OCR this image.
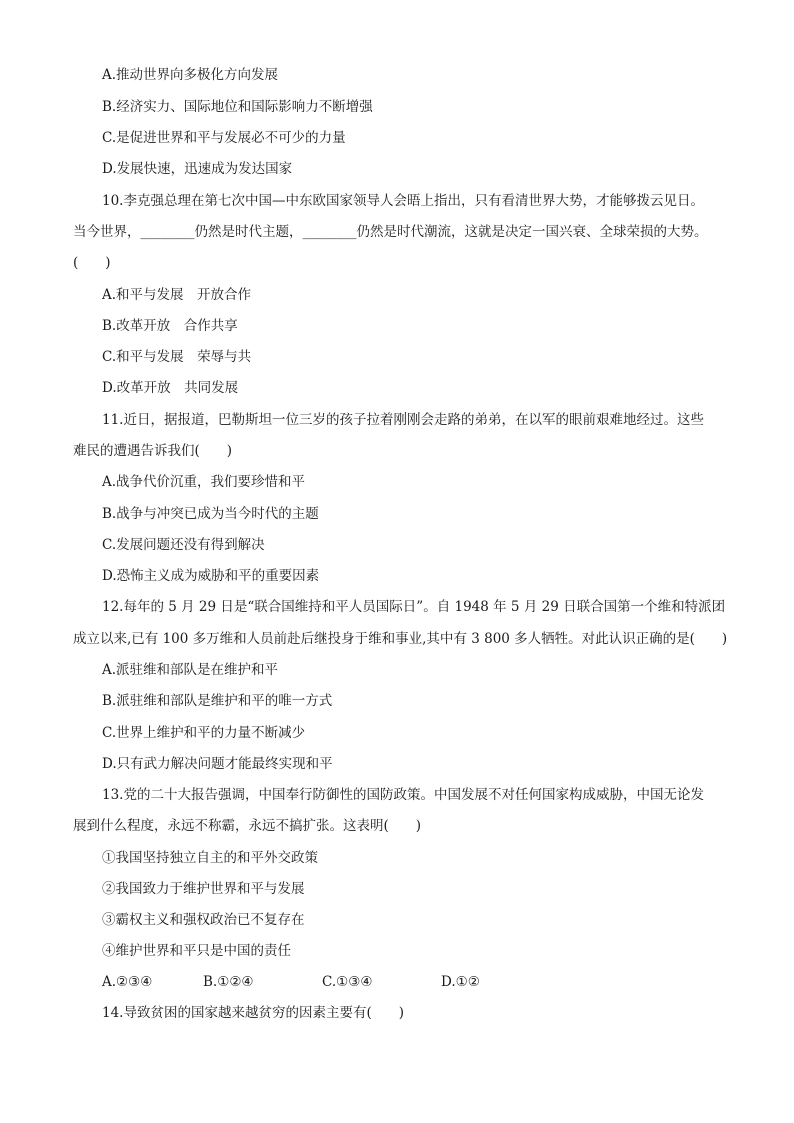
A.推动世界向多极化方向发展
B.经济实力、国际地位和国际影响力不断增强
C.是促进世界和平与发展必不可少的力量
D.发展快速，迅速成为发达国家
10.李克强总理在第七次中国—中东欧国家领导人会晤上指出，只有看清世界大势，才能够拨云见日。
当今世界，________仍然是时代主题，________仍然是时代潮流，这就是决定一国兴衰、全球荣损的大势。
(　　)
A.和平与发展　开放合作
B.改革开放　合作共享
C.和平与发展　荣辱与共
D.改革开放　共同发展
11.近日，据报道，巴勒斯坦一位三岁的孩子拉着刚刚会走路的弟弟，在以军的眼前艰难地经过。这些
难民的遭遇告诉我们(　　)
A.战争代价沉重，我们要珍惜和平
B.战争与冲突已成为当今时代的主题
C.发展问题还没有得到解决
D.恐怖主义成为威胁和平的重要因素
12.每年的 5 月 29 日是“联合国维持和平人员国际日”。自 1948 年 5 月 29 日联合国第一个维和特派团
成立以来,已有 100 多万维和人员前赴后继投身于维和事业,其中有 3 800 多人牺牲。对此认识正确的是(　　)
A.派驻维和部队是在维护和平
B.派驻维和部队是维护和平的唯一方式
C.世界上维护和平的力量不断减少
D.只有武力解决问题才能最终实现和平
13.党的二十大报告强调，中国奉行防御性的国防政策。中国发展不对任何国家构成威胁，中国无论发
展到什么程度，永远不称霸，永远不搞扩张。这表明(　　)
①我国坚持独立自主的和平外交政策
②我国致力于维护世界和平与发展
③霸权主义和强权政治已不复存在
④维护世界和平只是中国的责任
A.②③④	B.①②④	C.①③④	D.①②
14.导致贫困的国家越来越贫穷的因素主要有(　　)
